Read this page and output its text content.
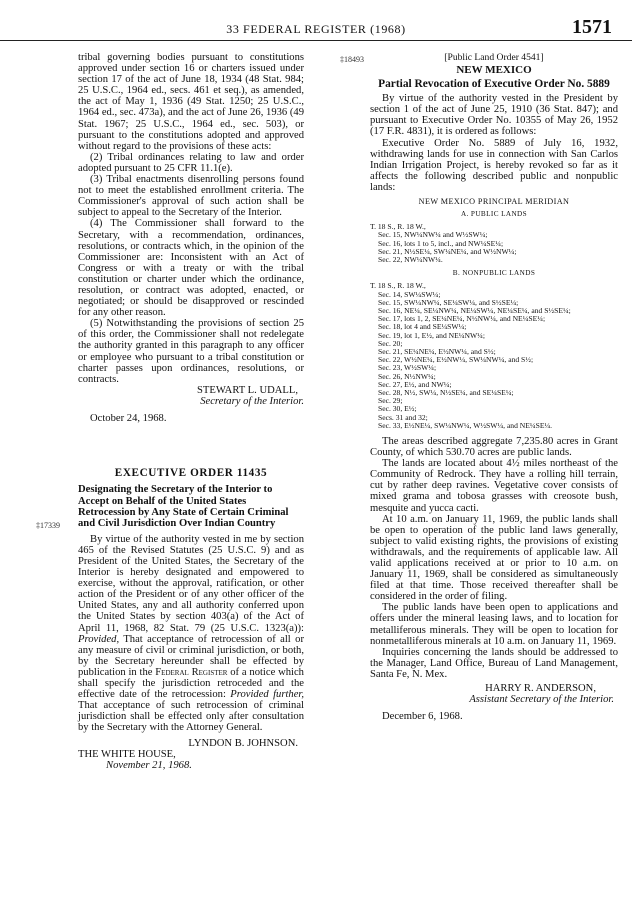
33 FEDERAL REGISTER (1968)	1571
‡18493
‡17339

tribal governing bodies pursuant to constitutions approved under section 16 or charters issued under section 17 of the act of June 18, 1934 (48 Stat. 984; 25 U.S.C., 1964 ed., secs. 461 et seq.), as amended, the act of May 1, 1936 (49 Stat. 1250; 25 U.S.C., 1964 ed., sec. 473a), and the act of June 26, 1936 (49 Stat. 1967; 25 U.S.C., 1964 ed., sec. 503), or pursuant to the constitutions adopted and approved without regard to the provisions of these acts:

(2) Tribal ordinances relating to law and order adopted pursuant to 25 CFR 11.1(e).

(3) Tribal enactments disenrolling persons found not to meet the established enrollment criteria. The Commissioner's approval of such action shall be subject to appeal to the Secretary of the Interior.

(4) The Commissioner shall forward to the Secretary, with a recommendation, ordinances, resolutions, or contracts which, in the opinion of the Commissioner are: Inconsistent with an Act of Congress or with a treaty or with the tribal constitution or charter under which the ordinance, resolution, or contract was adopted, enacted, or negotiated; or should be disapproved or rescinded for any other reason.

(5) Notwithstanding the provisions of section 25 of this order, the Commissioner shall not redelegate the authority granted in this paragraph to any officer or employee who pursuant to a tribal constitution or charter passes upon ordinances, resolutions, or contracts.

STEWART L. UDALL,
Secretary of the Interior.
October 24, 1968.
EXECUTIVE ORDER 11435
Designating the Secretary of the Interior to Accept on Behalf of the United States Retrocession by Any State of Certain Criminal and Civil Jurisdiction Over Indian Country

By virtue of the authority vested in me by section 465 of the Revised Statutes (25 U.S.C. 9) and as President of the United States, the Secretary of the Interior is hereby designated and empowered to exercise, without the approval, ratification, or other action of the President or of any other officer of the United States, any and all authority conferred upon the United States by section 403(a) of the Act of April 11, 1968, 82 Stat. 79 (25 U.S.C. 1323(a)): Provided, That acceptance of retrocession of all or any measure of civil or criminal jurisdiction, or both, by the Secretary hereunder shall be effected by publication in the Federal Register of a notice which shall specify the jurisdiction retroceded and the effective date of the retrocession: Provided further, That acceptance of such retrocession of criminal jurisdiction shall be effected only after consultation by the Secretary with the Attorney General.

LYNDON B. JOHNSON.
THE WHITE HOUSE,
November 21, 1968.
[Public Land Order 4541]
NEW MEXICO
Partial Revocation of Executive Order No. 5889

By virtue of the authority vested in the President by section 1 of the act of June 25, 1910 (36 Stat. 847); and pursuant to Executive Order No. 10355 of May 26, 1952 (17 F.R. 4831), it is ordered as follows:

Executive Order No. 5889 of July 16, 1932, withdrawing lands for use in connection with San Carlos Indian Irrigation Project, is hereby revoked so far as it affects the following described public and nonpublic lands:

NEW MEXICO PRINCIPAL MERIDIAN
A. PUBLIC LANDS
T. 18 S., R. 18 W.,
Sec. 15, NW¼NW¼ and W½SW¼;
Sec. 16, lots 1 to 5, incl., and NW¼SE¼;
Sec. 21, N½SE¼, SW¼NE¼, and W½NW¼;
Sec. 22, NW¼NW¼.
B. NONPUBLIC LANDS
T. 18 S., R. 18 W.,
Sec. 14, SW¼SW¼;
Sec. 15, SW¼NW¼, SE¼SW¼, and S½SE¼;
Sec. 16, NE¼, SE¼NW¼, NE¼SW¼, NE¼SE¼, and S½SE¼;
Sec. 17, lots 1, 2, SE¼NE¼, N½NW¼, and NE¼SE¼;
Sec. 18, lot 4 and SE¼SW¼;
Sec. 19, lot 1, E½, and NE¼NW¼;
Sec. 20;
Sec. 21, SE¼NE¼, E½NW¼, and S½;
Sec. 22, W½NE¼, E½NW¼, SW¼NW¼, and S½;
Sec. 23, W½SW¼;
Sec. 26, N½NW¼;
Sec. 27, E½, and NW¼;
Sec. 28, N½, SW¼, N½SE¼, and SE¼SE¼;
Sec. 29;
Sec. 30, E½;
Secs. 31 and 32;
Sec. 33, E½NE¼, SW¼NW¼, W½SW¼, and NE¼SE¼.

The areas described aggregate 7,235.80 acres in Grant County, of which 530.70 acres are public lands.

The lands are located about 4½ miles northeast of the Community of Redrock. They have a rolling hill terrain, cut by rather deep ravines. Vegetative cover consists of mixed grama and tobosa grasses with creosote bush, mesquite and yucca cacti.

At 10 a.m. on January 11, 1969, the public lands shall be open to operation of the public land laws generally, subject to valid existing rights, the provisions of existing withdrawals, and the requirements of applicable law. All valid applications received at or prior to 10 a.m. on January 11, 1969, shall be considered as simultaneously filed at that time. Those received thereafter shall be considered in the order of filing.

The public lands have been open to applications and offers under the mineral leasing laws, and to location for metalliferous minerals. They will be open to location for nonmetalliferous minerals at 10 a.m. on January 11, 1969.

Inquiries concerning the lands should be addressed to the Manager, Land Office, Bureau of Land Management, Santa Fe, N. Mex.

HARRY R. ANDERSON,
Assistant Secretary of the Interior.
December 6, 1968.
